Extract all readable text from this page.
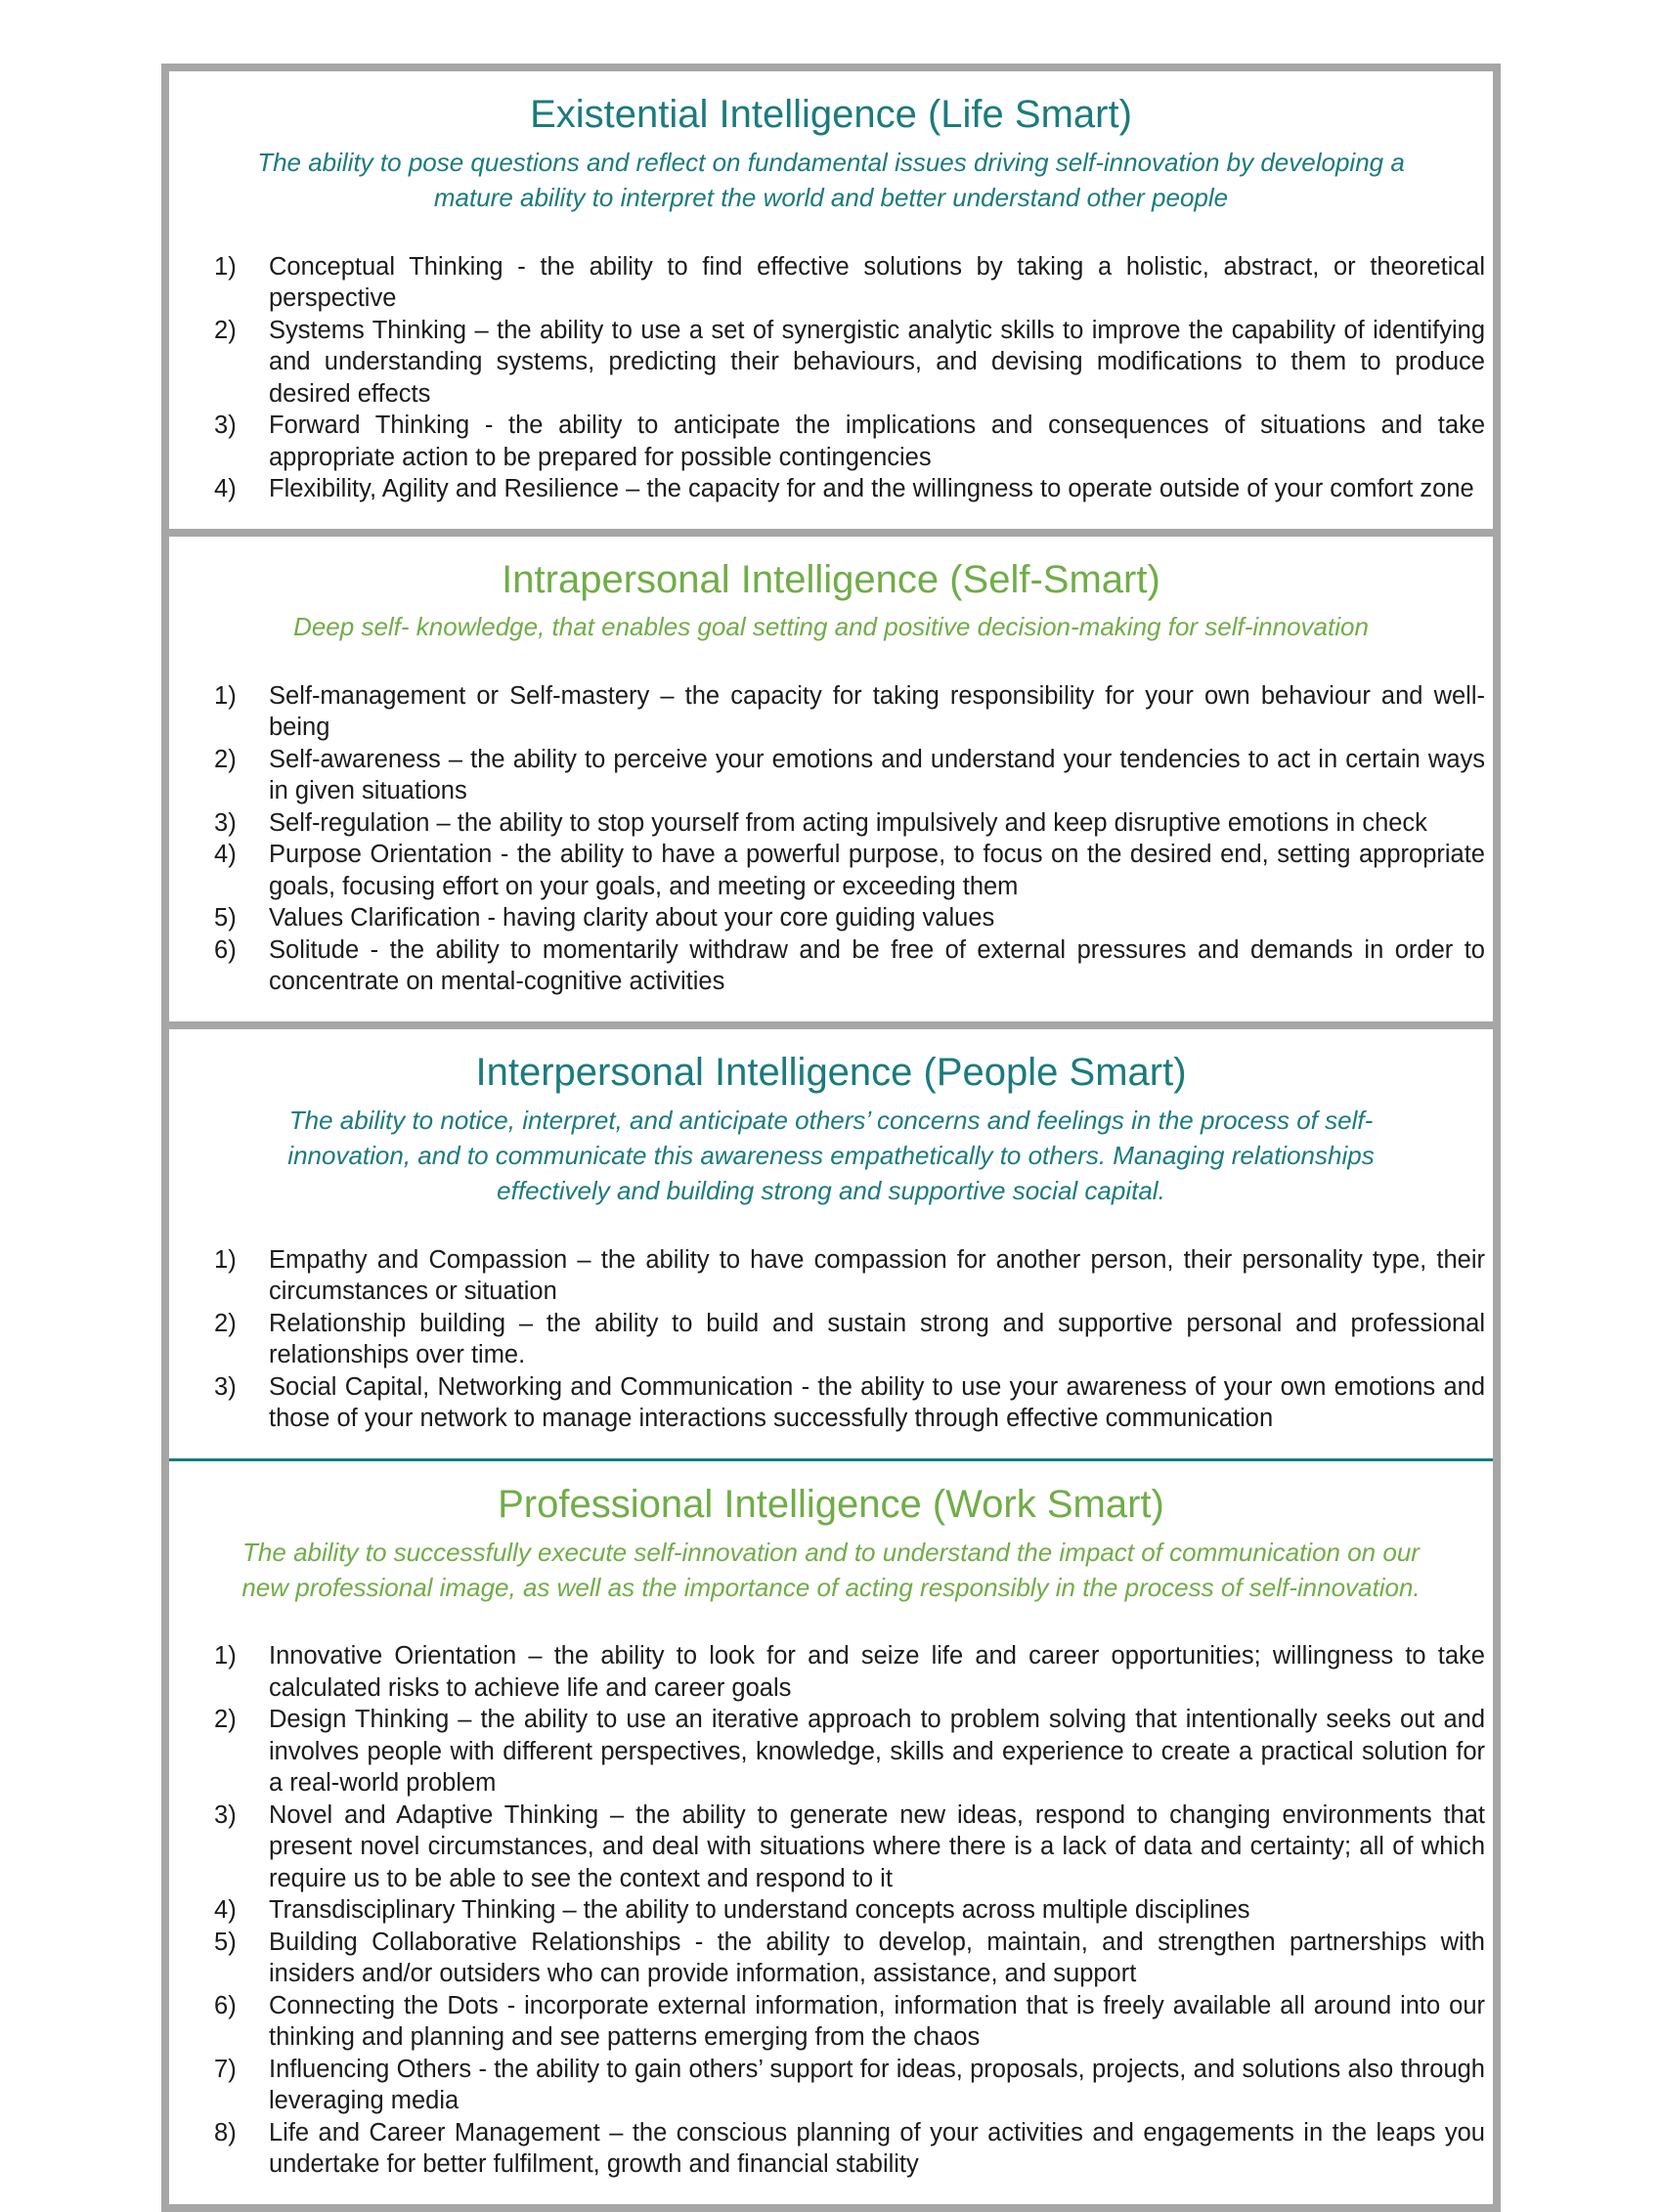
Existential Intelligence (Life Smart)
The ability to pose questions and reflect on fundamental issues driving self-innovation by developing a mature ability to interpret the world and better understand other people
Conceptual Thinking - the ability to find effective solutions by taking a holistic, abstract, or theoretical perspective
Systems Thinking – the ability to use a set of synergistic analytic skills to improve the capability of identifying and understanding systems, predicting their behaviours, and devising modifications to them to produce desired effects
Forward Thinking - the ability to anticipate the implications and consequences of situations and take appropriate action to be prepared for possible contingencies
Flexibility, Agility and Resilience – the capacity for and the willingness to operate outside of your comfort zone
Intrapersonal Intelligence (Self-Smart)
Deep self- knowledge, that enables goal setting and positive decision-making for self-innovation
Self-management or Self-mastery – the capacity for taking responsibility for your own behaviour and well-being
Self-awareness – the ability to perceive your emotions and understand your tendencies to act in certain ways in given situations
Self-regulation – the ability to stop yourself from acting impulsively and keep disruptive emotions in check
Purpose Orientation - the ability to have a powerful purpose, to focus on the desired end, setting appropriate goals, focusing effort on your goals, and meeting or exceeding them
Values Clarification - having clarity about your core guiding values
Solitude - the ability to momentarily withdraw and be free of external pressures and demands in order to concentrate on mental-cognitive activities
Interpersonal Intelligence (People Smart)
The ability to notice, interpret, and anticipate others’ concerns and feelings in the process of self-innovation, and to communicate this awareness empathetically to others. Managing relationships effectively and building strong and supportive social capital.
Empathy and Compassion – the ability to have compassion for another person, their personality type, their circumstances or situation
Relationship building – the ability to build and sustain strong and supportive personal and professional relationships over time.
Social Capital, Networking and Communication - the ability to use your awareness of your own emotions and those of your network to manage interactions successfully through effective communication
Professional Intelligence (Work Smart)
The ability to successfully execute self-innovation and to understand the impact of communication on our new professional image, as well as the importance of acting responsibly in the process of self-innovation.
Innovative Orientation – the ability to look for and seize life and career opportunities; willingness to take calculated risks to achieve life and career goals
Design Thinking – the ability to use an iterative approach to problem solving that intentionally seeks out and involves people with different perspectives, knowledge, skills and experience to create a practical solution for a real-world problem
Novel and Adaptive Thinking – the ability to generate new ideas, respond to changing environments that present novel circumstances, and deal with situations where there is a lack of data and certainty; all of which require us to be able to see the context and respond to it
Transdisciplinary Thinking – the ability to understand concepts across multiple disciplines
Building Collaborative Relationships - the ability to develop, maintain, and strengthen partnerships with insiders and/or outsiders who can provide information, assistance, and support
Connecting the Dots - incorporate external information, information that is freely available all around into our thinking and planning and see patterns emerging from the chaos
Influencing Others - the ability to gain others’ support for ideas, proposals, projects, and solutions also through leveraging media
Life and Career Management – the conscious planning of your activities and engagements in the leaps you undertake for better fulfilment, growth and financial stability
